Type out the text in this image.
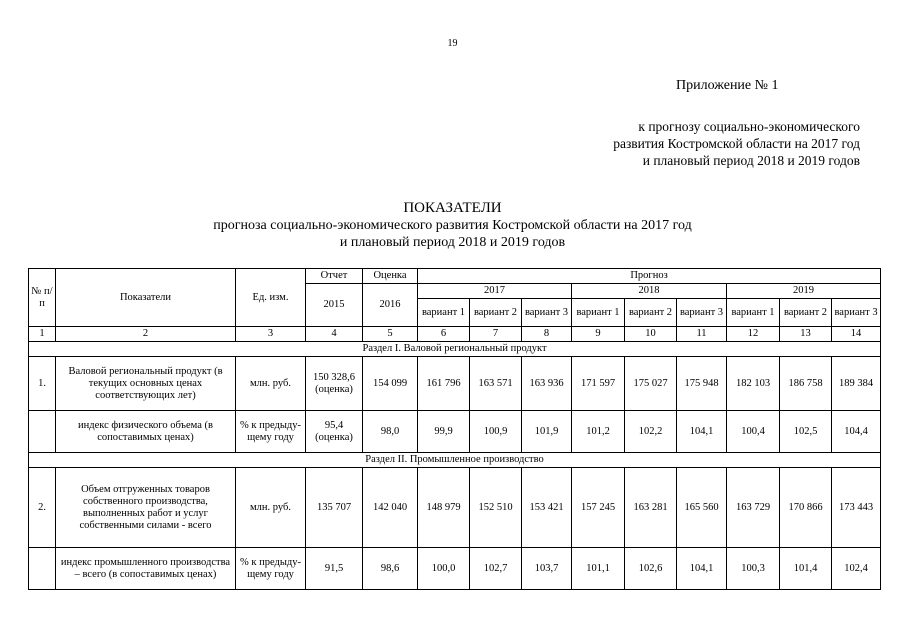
19
Приложение № 1
к прогнозу социально-экономического
развития Костромской области на 2017 год
и плановый период 2018 и 2019 годов
ПОКАЗАТЕЛИ
прогноза социально-экономического развития Костромской области на 2017 год
и плановый период 2018 и 2019 годов
№ п/п	Показатели	Ед. изм.	Отчет	Оценка	Прогноз								
			2015	2016	2017			2018			2019		
					вариант 1	вариант 2	вариант 3	вариант 1	вариант 2	вариант 3	вариант 1	вариант 2	вариант 3
1	2	3	4	5	6	7	8	9	10	11	12	13	14
Раздел I. Валовой региональный продукт													
1.	Валовой региональный продукт (в текущих основных ценах соответствующих лет)	млн. руб.	150 328,6 (оценка)	154 099	161 796	163 571	163 936	171 597	175 027	175 948	182 103	186 758	189 384
	индекс физического объема (в сопоставимых ценах)	% к предыду-щему году	95,4 (оценка)	98,0	99,9	100,9	101,9	101,2	102,2	104,1	100,4	102,5	104,4
Раздел II. Промышленное производство													
2.	Объем отгруженных товаров собственного производства, выполненных работ и услуг собственными силами - всего	млн. руб.	135 707	142 040	148 979	152 510	153 421	157 245	163 281	165 560	163 729	170 866	173 443
	индекс промышленного производства – всего (в сопоставимых ценах)	% к предыду-щему году	91,5	98,6	100,0	102,7	103,7	101,1	102,6	104,1	100,3	101,4	102,4
